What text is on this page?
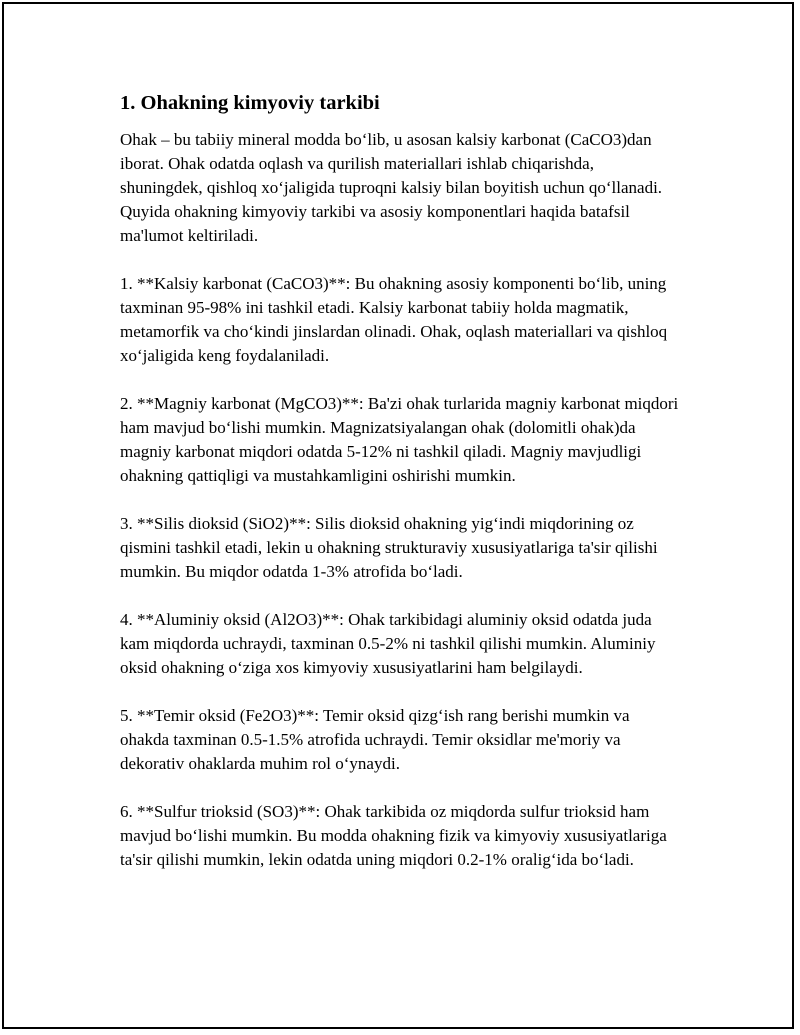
1. Ohakning kimyoviy tarkibi

Ohak – bu tabiiy mineral modda bo‘lib, u asosan kalsiy karbonat (CaCO3)dan iborat. Ohak odatda oqlash va qurilish materiallari ishlab chiqarishda, shuningdek, qishloq xo‘jaligida tuproqni kalsiy bilan boyitish uchun qo‘llanadi. Quyida ohakning kimyoviy tarkibi va asosiy komponentlari haqida batafsil ma'lumot keltiriladi.

1. **Kalsiy karbonat (CaCO3)**: Bu ohakning asosiy komponenti bo‘lib, uning taxminan 95-98% ini tashkil etadi. Kalsiy karbonat tabiiy holda magmatik, metamorfik va cho‘kindi jinslardan olinadi. Ohak, oqlash materiallari va qishloq xo‘jaligida keng foydalaniladi.

2. **Magniy karbonat (MgCO3)**: Ba'zi ohak turlarida magniy karbonat miqdori ham mavjud bo‘lishi mumkin. Magnizatsiyalangan ohak (dolomitli ohak)da magniy karbonat miqdori odatda 5-12% ni tashkil qiladi. Magniy mavjudligi ohakning qattiqligi va mustahkamligini oshirishi mumkin.

3. **Silis dioksid (SiO2)**: Silis dioksid ohakning yig‘indi miqdorining oz qismini tashkil etadi, lekin u ohakning strukturaviy xususiyatlariga ta'sir qilishi mumkin. Bu miqdor odatda 1-3% atrofida bo‘ladi.

4. **Aluminiy oksid (Al2O3)**: Ohak tarkibidagi aluminiy oksid odatda juda kam miqdorda uchraydi, taxminan 0.5-2% ni tashkil qilishi mumkin. Aluminiy oksid ohakning o‘ziga xos kimyoviy xususiyatlarini ham belgilaydi.

5. **Temir oksid (Fe2O3)**: Temir oksid qizg‘ish rang berishi mumkin va ohakda taxminan 0.5-1.5% atrofida uchraydi. Temir oksidlar me'moriy va dekorativ ohaklarda muhim rol o‘ynaydi.

6. **Sulfur trioksid (SO3)**: Ohak tarkibida oz miqdorda sulfur trioksid ham mavjud bo‘lishi mumkin. Bu modda ohakning fizik va kimyoviy xususiyatlariga ta'sir qilishi mumkin, lekin odatda uning miqdori 0.2-1% oralig‘ida bo‘ladi.
